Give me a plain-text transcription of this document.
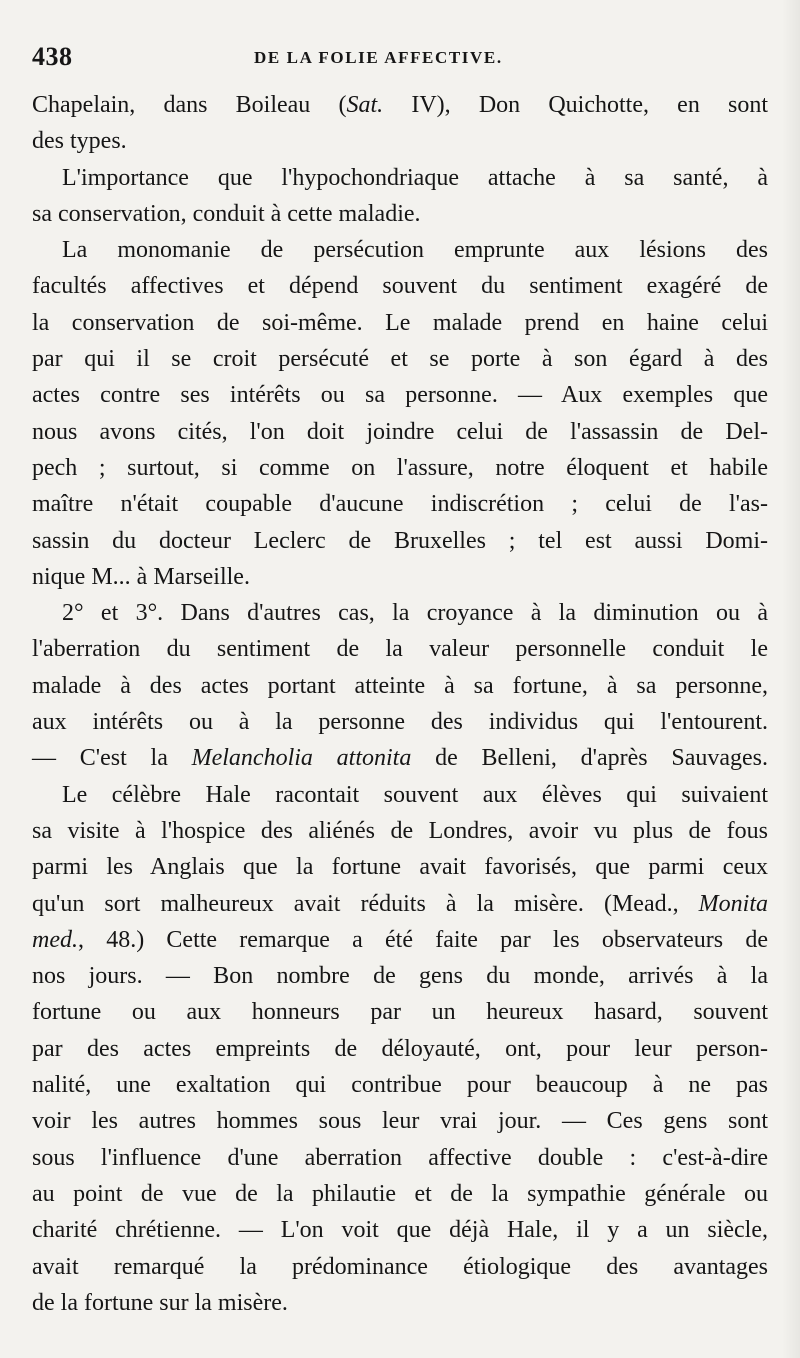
438	DE LA FOLIE AFFECTIVE.
Chapelain, dans Boileau (Sat. IV), Don Quichotte, en sont
des types.
L'importance que l'hypochondriaque attache à sa santé, à
sa conservation, conduit à cette maladie.
La monomanie de persécution emprunte aux lésions des
facultés affectives et dépend souvent du sentiment exagéré de
la conservation de soi-même. Le malade prend en haine celui
par qui il se croit persécuté et se porte à son égard à des
actes contre ses intérêts ou sa personne. — Aux exemples que
nous avons cités, l'on doit joindre celui de l'assassin de Del-
pech ; surtout, si comme on l'assure, notre éloquent et habile
maître n'était coupable d'aucune indiscrétion ; celui de l'as-
sassin du docteur Leclerc de Bruxelles ; tel est aussi Domi-
nique M... à Marseille.
2° et 3°. Dans d'autres cas, la croyance à la diminution ou à
l'aberration du sentiment de la valeur personnelle conduit le
malade à des actes portant atteinte à sa fortune, à sa personne,
aux intérêts ou à la personne des individus qui l'entourent.
— C'est la Melancholia attonita de Belleni, d'après Sauvages.
Le célèbre Hale racontait souvent aux élèves qui suivaient
sa visite à l'hospice des aliénés de Londres, avoir vu plus de fous
parmi les Anglais que la fortune avait favorisés, que parmi ceux
qu'un sort malheureux avait réduits à la misère. (Mead., Monita
med., 48.) Cette remarque a été faite par les observateurs de
nos jours. — Bon nombre de gens du monde, arrivés à la
fortune ou aux honneurs par un heureux hasard, souvent
par des actes empreints de déloyauté, ont, pour leur person-
nalité, une exaltation qui contribue pour beaucoup à ne pas
voir les autres hommes sous leur vrai jour. — Ces gens sont
sous l'influence d'une aberration affective double : c'est-à-dire
au point de vue de la philautie et de la sympathie générale ou
charité chrétienne. — L'on voit que déjà Hale, il y a un siècle,
avait remarqué la prédominance étiologique des avantages
de la fortune sur la misère.
